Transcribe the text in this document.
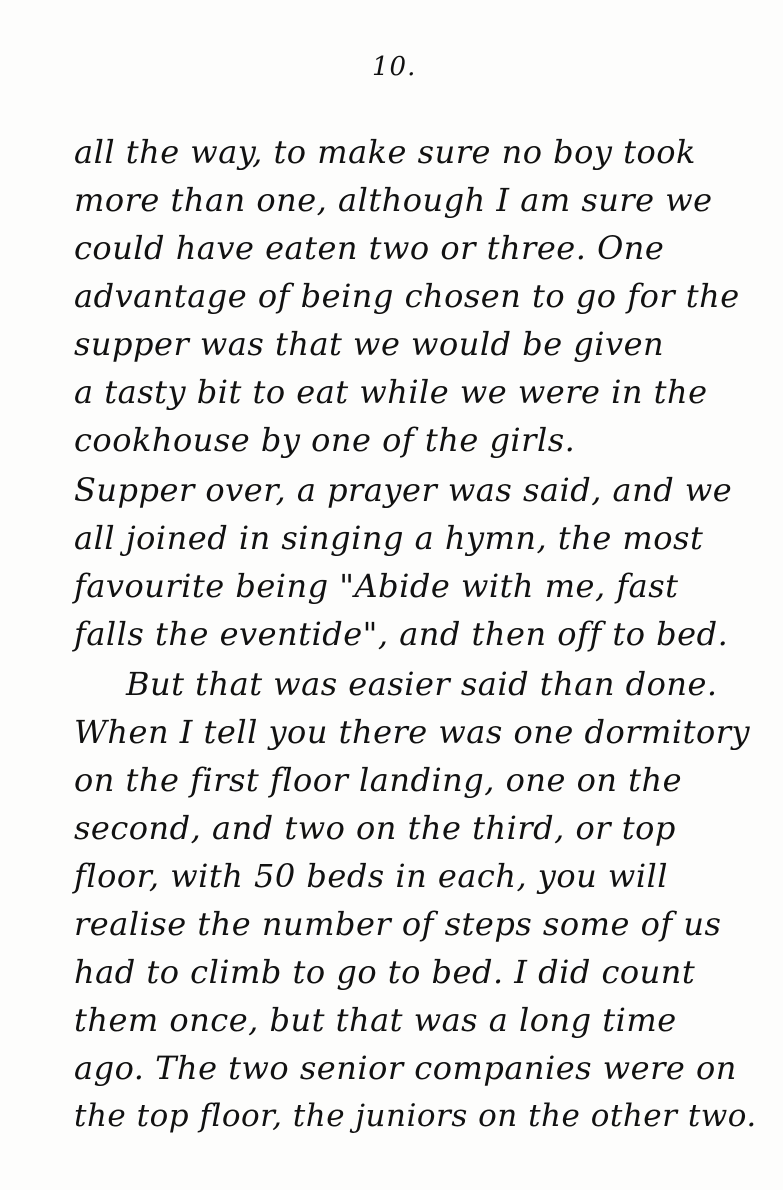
10.
all the way, to make sure no boy took
more than one, although I am sure we
could have eaten two or three. One
advantage of being chosen to go for the
supper was that we would be given
a tasty bit to eat while we were in the
cookhouse by one of the girls.
Supper over, a prayer was said, and we
all joined in singing a hymn, the most
favourite being "Abide with me, fast
falls the eventide", and then off to bed.
But that was easier said than done.
When I tell you there was one dormitory
on the first floor landing, one on the
second, and two on the third, or top
floor, with 50 beds in each, you will
realise the number of steps some of us
had to climb to go to bed. I did count
them once, but that was a long time
ago. The two senior companies were on
the top floor, the juniors on the other two.
